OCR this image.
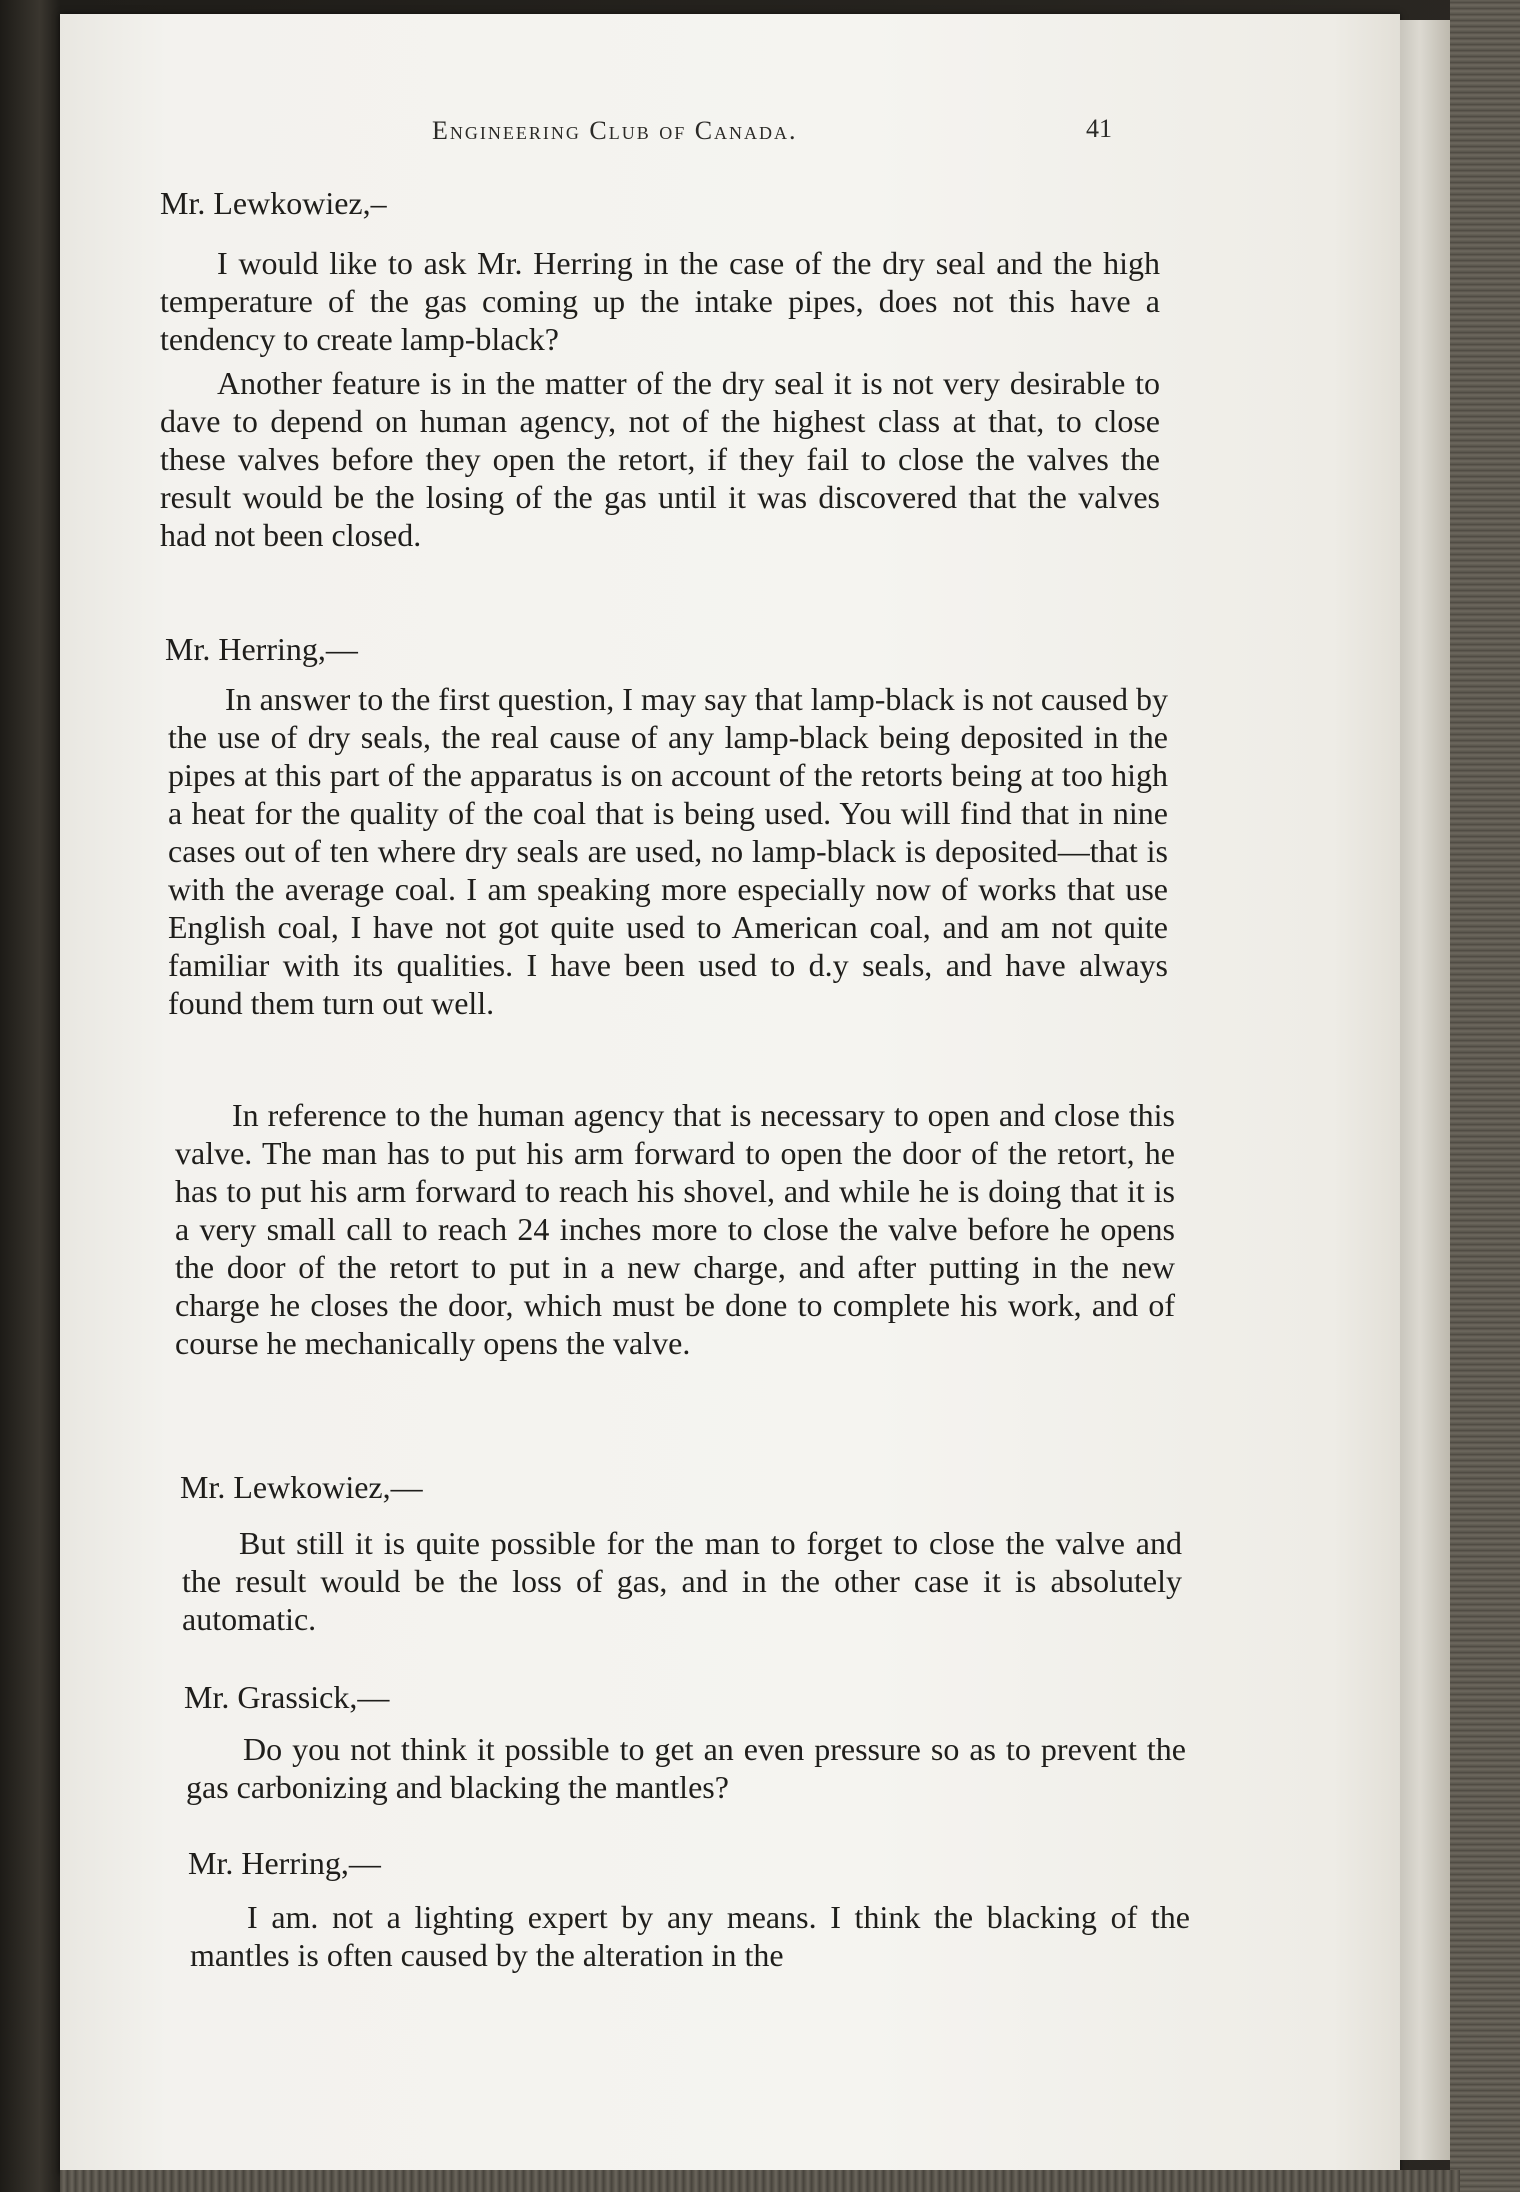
Engineering Club of Canada.	41
Mr. Lewkowiez,–
I would like to ask Mr. Herring in the case of the dry seal and the high temperature of the gas coming up the intake pipes, does not this have a tendency to create lamp-black?
Another feature is in the matter of the dry seal it is not very desirable to dave to depend on human agency, not of the highest class at that, to close these valves before they open the retort, if they fail to close the valves the result would be the losing of the gas until it was discovered that the valves had not been closed.
Mr. Herring,—
In answer to the first question, I may say that lamp-black is not caused by the use of dry seals, the real cause of any lamp-black being deposited in the pipes at this part of the apparatus is on account of the retorts being at too high a heat for the quality of the coal that is being used. You will find that in nine cases out of ten where dry seals are used, no lamp-black is deposited—that is with the average coal. I am speaking more especially now of works that use English coal, I have not got quite used to American coal, and am not quite familiar with its qualities. I have been used to d.y seals, and have always found them turn out well.
In reference to the human agency that is necessary to open and close this valve. The man has to put his arm forward to open the door of the retort, he has to put his arm forward to reach his shovel, and while he is doing that it is a very small call to reach 24 inches more to close the valve before he opens the door of the retort to put in a new charge, and after putting in the new charge he closes the door, which must be done to complete his work, and of course he mechanically opens the valve.
Mr. Lewkowiez,—
But still it is quite possible for the man to forget to close the valve and the result would be the loss of gas, and in the other case it is absolutely automatic.
Mr. Grassick,—
Do you not think it possible to get an even pressure so as to prevent the gas carbonizing and blacking the mantles?
Mr. Herring,—
I am. not a lighting expert by any means. I think the blacking of the mantles is often caused by the alteration in the
